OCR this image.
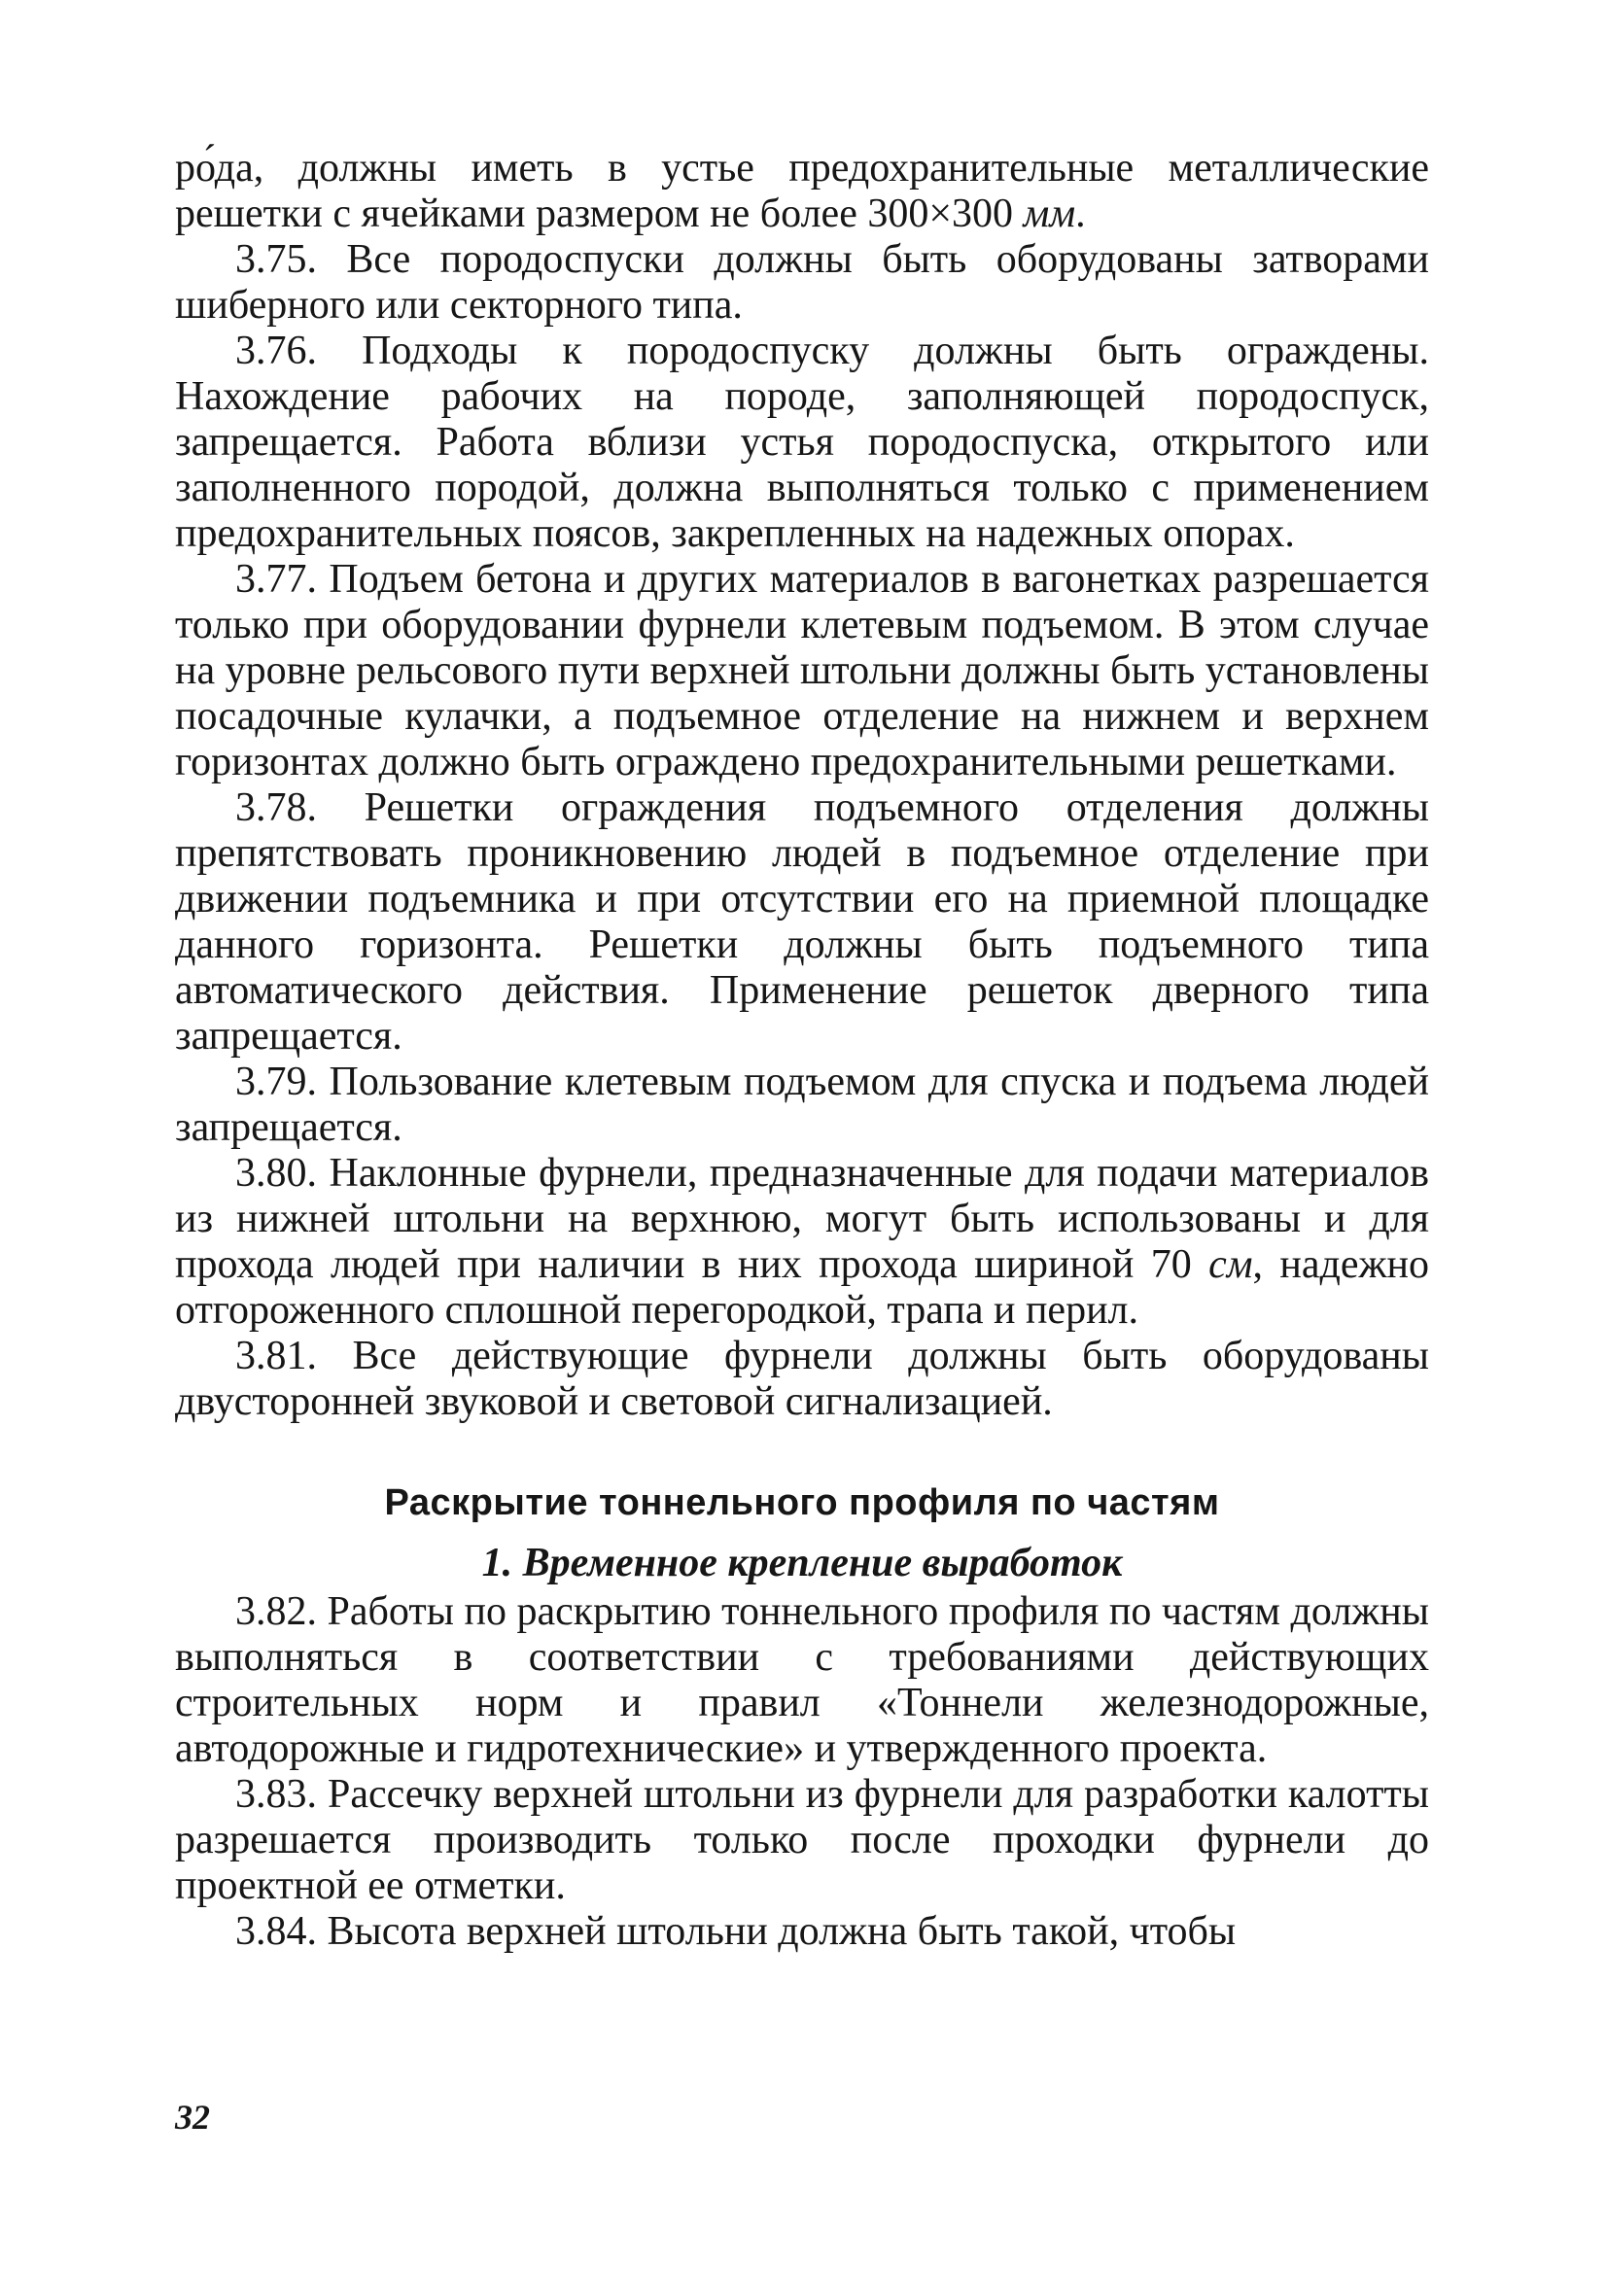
ро́да, должны иметь в устье предохранительные металлические решетки с ячейками размером не более 300×300 мм.

3.75. Все породоспуски должны быть оборудованы затворами шиберного или секторного типа.

3.76. Подходы к породоспуску должны быть ограждены. Нахождение рабочих на породе, заполняющей породоспуск, запрещается. Работа вблизи устья породоспуска, открытого или заполненного породой, должна выполняться только с применением предохранительных поясов, закрепленных на надежных опорах.

3.77. Подъем бетона и других материалов в вагонетках разрешается только при оборудовании фурнели клетевым подъемом. В этом случае на уровне рельсового пути верхней штольни должны быть установлены посадочные кулачки, а подъемное отделение на нижнем и верхнем горизонтах должно быть ограждено предохранительными решетками.

3.78. Решетки ограждения подъемного отделения должны препятствовать проникновению людей в подъемное отделение при движении подъемника и при отсутствии его на приемной площадке данного горизонта. Решетки должны быть подъемного типа автоматического действия. Применение решеток дверного типа запрещается.

3.79. Пользование клетевым подъемом для спуска и подъема людей запрещается.

3.80. Наклонные фурнели, предназначенные для подачи материалов из нижней штольни на верхнюю, могут быть использованы и для прохода людей при наличии в них прохода шириной 70 см, надежно отгороженного сплошной перегородкой, трапа и перил.

3.81. Все действующие фурнели должны быть оборудованы двусторонней звуковой и световой сигнализацией.

Раскрытие тоннельного профиля по частям
1. Временное крепление выработок

3.82. Работы по раскрытию тоннельного профиля по частям должны выполняться в соответствии с требованиями действующих строительных норм и правил «Тоннели железнодорожные, автодорожные и гидротехнические» и утвержденного проекта.

3.83. Рассечку верхней штольни из фурнели для разработки калотты разрешается производить только после проходки фурнели до проектной ее отметки.

3.84. Высота верхней штольни должна быть такой, чтобы

32
